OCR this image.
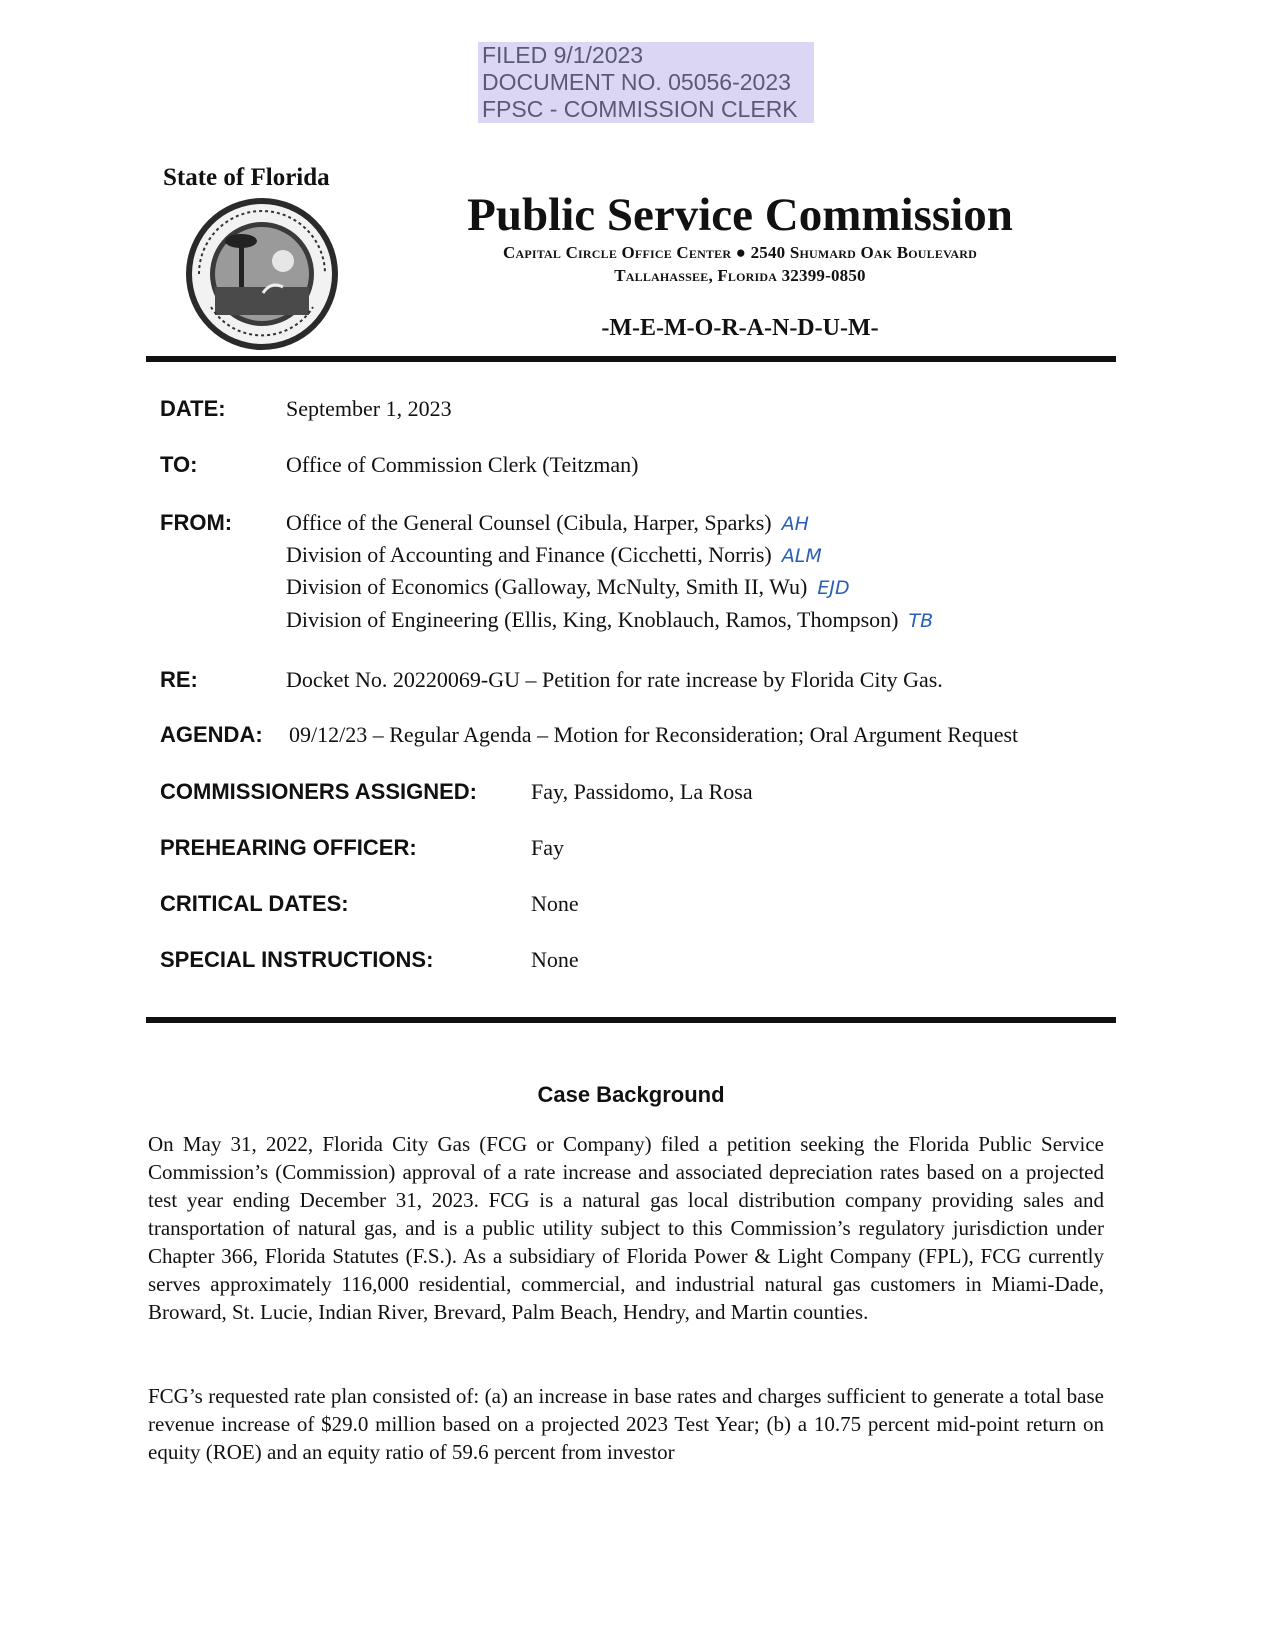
FILED 9/1/2023
DOCUMENT NO. 05056-2023
FPSC - COMMISSION CLERK
State of Florida
Public Service Commission
Capital Circle Office Center ● 2540 Shumard Oak Boulevard
Tallahassee, Florida 32399-0850
-M-E-M-O-R-A-N-D-U-M-
DATE:	September 1, 2023
TO:	Office of Commission Clerk (Teitzman)
FROM: Office of the General Counsel (Cibula, Harper, Sparks) AH
Division of Accounting and Finance (Cicchetti, Norris) ALM
Division of Economics (Galloway, McNulty, Smith II, Wu) EJD
Division of Engineering (Ellis, King, Knoblauch, Ramos, Thompson) TB
RE:	Docket No. 20220069-GU – Petition for rate increase by Florida City Gas.
AGENDA: 09/12/23 – Regular Agenda – Motion for Reconsideration; Oral Argument Request
COMMISSIONERS ASSIGNED: Fay, Passidomo, La Rosa
PREHEARING OFFICER:	Fay
CRITICAL DATES:	None
SPECIAL INSTRUCTIONS:	None
Case Background
On May 31, 2022, Florida City Gas (FCG or Company) filed a petition seeking the Florida Public Service Commission’s (Commission) approval of a rate increase and associated depreciation rates based on a projected test year ending December 31, 2023. FCG is a natural gas local distribution company providing sales and transportation of natural gas, and is a public utility subject to this Commission’s regulatory jurisdiction under Chapter 366, Florida Statutes (F.S.). As a subsidiary of Florida Power & Light Company (FPL), FCG currently serves approximately 116,000 residential, commercial, and industrial natural gas customers in Miami-Dade, Broward, St. Lucie, Indian River, Brevard, Palm Beach, Hendry, and Martin counties.
FCG’s requested rate plan consisted of: (a) an increase in base rates and charges sufficient to generate a total base revenue increase of $29.0 million based on a projected 2023 Test Year; (b) a 10.75 percent mid-point return on equity (ROE) and an equity ratio of 59.6 percent from investor
